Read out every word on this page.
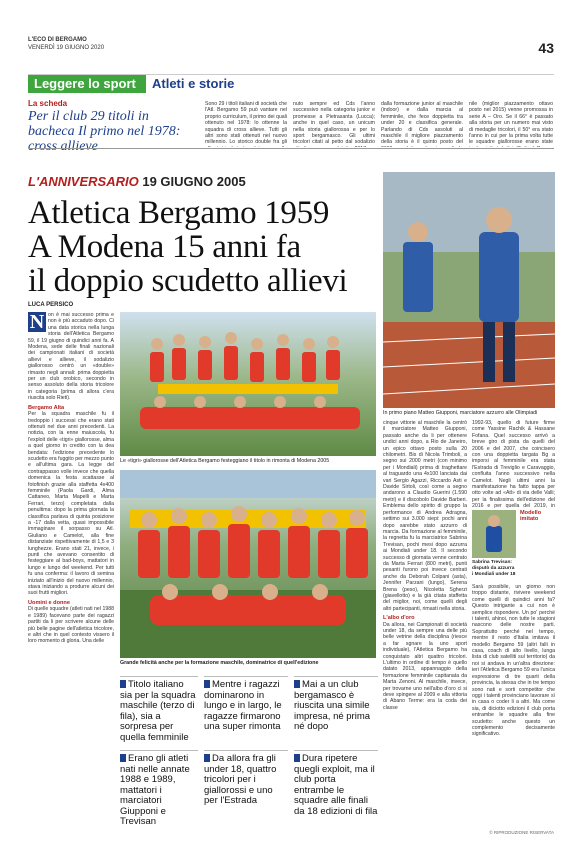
L'ECO DI BERGAMO
VENERDÌ 19 GIUGNO 2020	43
Leggere lo sport	Atleti e storie
La scheda
Per il club 29 titoli in bacheca Il primo nel 1978: cross allieve
Sono 29 i titoli italiani di società che l'Atl. Bergamo 59 può vantare nel proprio curriculum, il primo dei quali ottenuto nel 1978: lo ottenne la squadra di cross allieve. Tutti gli altri sono stati ottenuti nel nuovo millennio. Lo storico double fra gli
nuto sempre ed Cds l'anno successivo nella categoria junior e promesse a Pietrasanta (Lucca); anche in quel caso, un unicum nella storia giallorossa e per lo sport bergamasco. Gli ultimi tricolori citati al petto dal sodalizio
dalla formazione junior al maschile (indoor) e dalla marcia al femminile, che fece doppietta tra under 20 e classifica generale. Parlando di Cds assoluti al maschile il migliore piazzamento della storia è il quinto posto del
nile (miglior piazzamento ottavo posto nel 2015) venne promossa in serie A – Oro. Se il 66° è passato alla storia per un numero mai visto di medaglie tricolori, il 50° era stato l'anno in cui per la prima volta tutte le squadre giallorosse erano state
L'ANNIVERSARIO 19 GIUGNO 2005
Atletica Bergamo 1959
A Modena 15 anni fa
il doppio scudetto allievi
LUCA PERSICO
N on è mai successo prima e non è più accaduto dopo. Ci una data storica nella lunga storia dell'Atletica Bergamo 59, il 19 giugno di quindici anni fa. A Modena, sede delle finali nazionali dei campionati italiani di società allievi e allieve, il sodalizio giallorosso centrò un «double» rimasto negli annali: prima doppietta per un club orobico, secondo in senso assoluto della storia tricolore in categoria (prima di allora c'era riuscita solo Rieti).
Bergamo Alta
Per la squadra maschile fu il tredoppio i successi che erano stati ottenuti nel due anni precedenti. La notizia, con la enne maiuscola, fu l'exploit delle «tigri» giallorosse, alma a quel giorno in credito con la dea bendata: l'edizione precedente lo scudetto era fuggito per mezzo punto e all'ultima gara. La legge del contrappasso volle invece che quella domenica la festa scattasse al fotofinish grazie alla staffetta 4x400 femminile (Paola Gardi, Alma Cattaneo, Marta Mapelli e Marta Ferrari, terzo) completata dalla penultima: dopo la prima giornata la classifica parlava di quinta posizione a -17 dalla vetta, quasi impossibile immaginare il sorpasso su Atl. Giuliano e Camelot, alla fine distanziate rispettivamente di 1,5 e 3 lunghezze. Erano stati 21, invece, i punti che avevano consentito di festeggiare al bad-boys, mattatori in lungo e lungo del weekend. Per tutti fu una conferma: il lavoro di semina iniziato all'inizio del nuovo millennio, stava iniziando a produrre alcuni dei suoi frutti migliori.
Uomini e donne
Di quelle squadre (atleti nati nel 1988 e 1989) facevano parte dei ragazzi partiti da li per scrivere alcune delle più belle pagine dell'atletica tricolore, e altri che in quel contesto vissero il loro momento di gloria. Una delle
Le «tigri» giallorosse dell'Atletica Bergamo festeggiano il titolo in rimonta di Modena 2005
Grande felicità anche per la formazione maschile, dominatrice di quell'edizione
In primo piano Matteo Giupponi, marciatore azzurro alle Olimpiadi
cinque vittorie al maschile la centrò il marciatore Matteo Giupponi, passato anche da li per ottenere undici anni dopo, a Rio de Janeiro, un epico ottavo posto sulla 20 chilometri. Bis di Nicola Trimboli, a segno sui 2000 metri (con minimo per i Mondiali) prima di traghettare al traguardo una 4x100 lanciata dai vari Sergio Agazzi, Riccardo Asti e Davide Sirtoli, così come a segno andarono a Claudio Guerini (1.590 metri) e il discobolo Davide Barberi. Emblema dello spirito di gruppo la performance di Andrea Adragna, settimo sui 3.000 siepi: pochi anni dopo sarebbe stato azzurro di marcia. Da formazione al femminile, la regnetta fu la marciatrice Sabrina Trevisan, pochi mesi dopo azzurra ai Mondiali under 18. Il secondo successo di giornata venne centrato da Marta Ferrari (800 metri), punti pesanti furono poi invece centrati anche da Deborah Colpani (asta), Jennifer Parzani (lungo), Serena Brena (peso), Nicoletta Sgherzi (giavellotto) e la già citata staffetta del miglior, noi, come quelli degli altri partecipanti, rimasti nella storia.
L'albo d'oro
Da allora, nei Campionati di società under 18, da sempre una delle più belle vetrine della disciplina (riesce a far sgnare la uno sport individuale), l'Atletica Bergamo ha conquistato altri quattro tricolori. L'ultimo in ordine di tempo è quello datato 2013, appannaggio della formazione femminile capitanata da Marta Zenoni. Al maschile, invece, per trovarne uno nell'albo d'oro ci si deve spingere al 2009 e alla vittoria di Abano Terme: era la coda dei classe
1992-93, quello di future firme come Yassine Rachik & Hassane Fofana. Quel successo arrivò a breve giro di pista da quelli del 2006 e del 2007, che coincisero con una doppietta targata Bg a imporsi al femminile era stata l'Estrada di Treviglio e Caravaggio, confluita l'anno successivo nella Camelot. Negli ultimi anni la manifestazione ha fatto tappa per otto volte ad «Atl» di via delle Valli; per la finalissima dell'edizione del 2016 e per quella del 2019, in
Sabrina Trevisan: disputò da azzurra i Mondiali under 18
Modello imitato
Sarà possibile, un giorno non troppo distante, rivivere weekend come quelli di quindici anni fa? Questo intrigante a cui non è semplice rispondere. Un po' perché i talenti, ahinoi, non tutte le stagioni nascono delle nostre parti. Soprattutto perché nel tempo, mentre il resto d'Italia imitava il modello Bergamo 59 (altri falli in casa, coach di alto livello, lunga lista di club satelliti sul territorio) da noi si andava in un'altra direzione: ieri l'Atletica Bergamo 59 era l'unica espressione di tre quarti della provincia, la stessa che in tre tempo sono nati e sorti competitor che oggi i talenti provinciano lavorare sì in casa o coder li a altri. Ma come sia, di diciotto edizioni il club porta entrambe le squadre alla fine scudetto: anche questo un complemento decisamente significativo.
Titolo italiano sia per la squadra maschile (terzo di fila), sia a sorpresa per quella femminile
Mentre i ragazzi dominarono in lungo e in largo, le ragazze firmarono una super rimonta
Mai a un club bergamasco è riuscita una simile impresa, né prima né dopo
Erano gli atleti nati nelle annate 1988 e 1989, mattatori i marciatori Giupponi e Trevisan
Da allora fra gli under 18, quattro tricolori per i giallorossi e uno per l'Estrada
Dura ripetere quegli exploit, ma il club porta entrambe le squadre alle finali da 18 edizioni di fila
© RIPRODUZIONE RISERVATA
